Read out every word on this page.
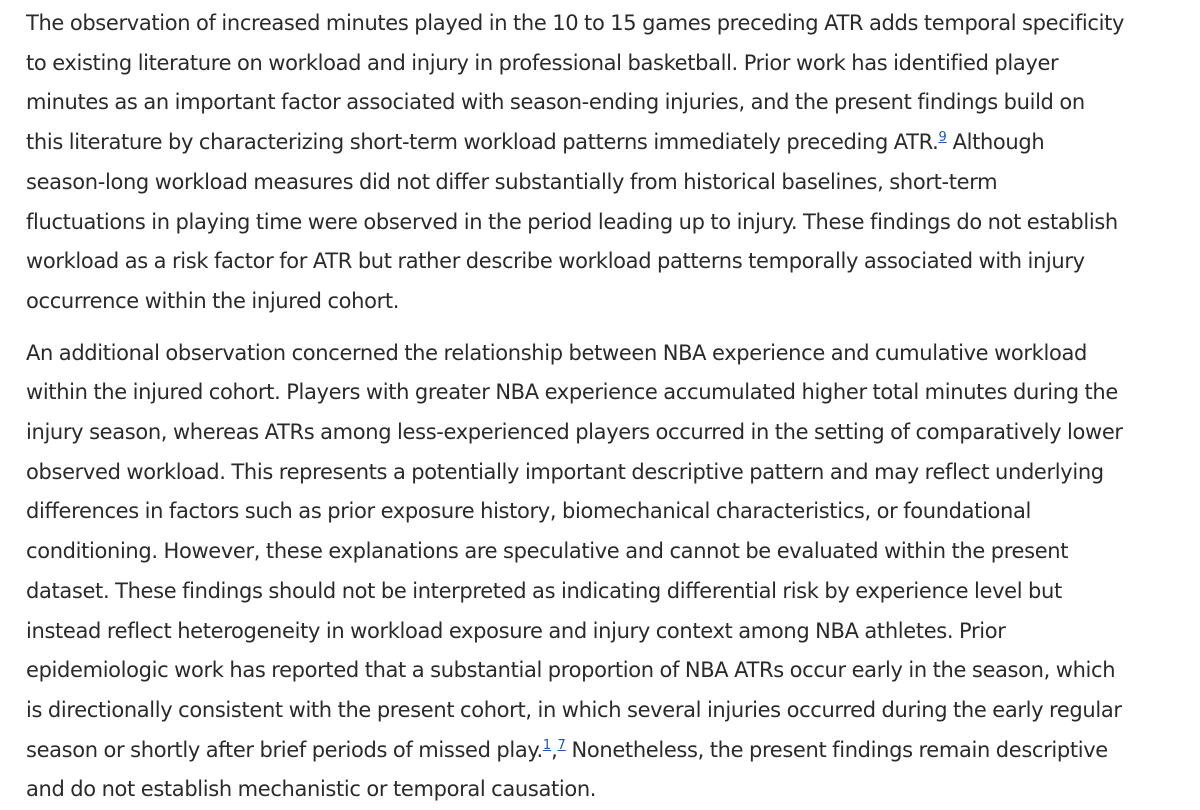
The observation of increased minutes played in the 10 to 15 games preceding ATR adds temporal specificity
to existing literature on workload and injury in professional basketball. Prior work has identified player
minutes as an important factor associated with season-ending injuries, and the present findings build on
this literature by characterizing short-term workload patterns immediately preceding ATR.$^9$ Although
season-long workload measures did not differ substantially from historical baselines, short-term
fluctuations in playing time were observed in the period leading up to injury. These findings do not establish
workload as a risk factor for ATR but rather describe workload patterns temporally associated with injury
occurrence within the injured cohort.

An additional observation concerned the relationship between NBA experience and cumulative workload
within the injured cohort. Players with greater NBA experience accumulated higher total minutes during the
injury season, whereas ATRs among less-experienced players occurred in the setting of comparatively lower
observed workload. This represents a potentially important descriptive pattern and may reflect underlying
differences in factors such as prior exposure history, biomechanical characteristics, or foundational
conditioning. However, these explanations are speculative and cannot be evaluated within the present
dataset. These findings should not be interpreted as indicating differential risk by experience level but
instead reflect heterogeneity in workload exposure and injury context among NBA athletes. Prior
epidemiologic work has reported that a substantial proportion of NBA ATRs occur early in the season, which
is directionally consistent with the present cohort, in which several injuries occurred during the early regular
season or shortly after brief periods of missed play.$^1$,$^7$ Nonetheless, the present findings remain descriptive
and do not establish mechanistic or temporal causation.
